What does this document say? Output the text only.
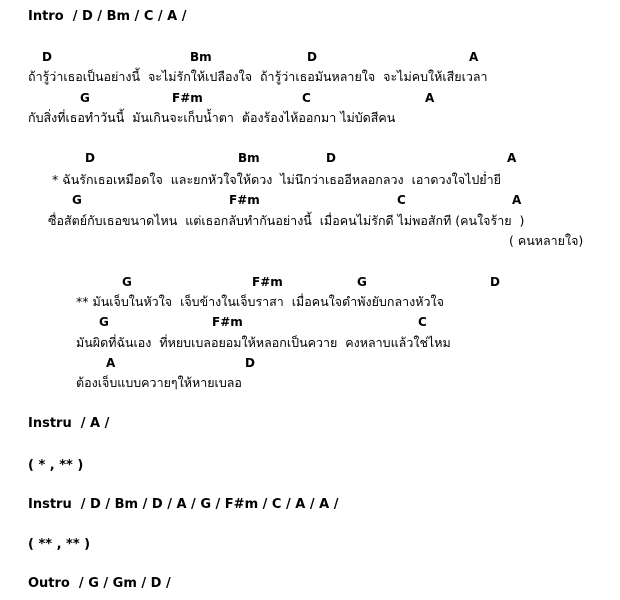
Intro  / D / Bm / C / A /
D	Bm	D	A
ถ้ารู้ว่าเธอเป็นอย่างนี้  จะไม่รักให้เปลืองใจ  ถ้ารู้ว่าเธอมันหลายใจ  จะไม่คบให้เสียเวลา
G	F#m	C	A
กับสิ่งที่เธอทำวันนี้  มันเกินจะเก็บน้ำตา  ต้องร้องไห้ออกมา ไม่บัดสีคน
D	Bm	D	A
* ฉันรักเธอเหมือดใจ  และยกหัวใจให้ดวง  ไม่นึกว่าเธออีหลอกลวง  เอาดวงใจไปย่ำยี
G	F#m	C	A
ซื่อสัตย์กับเธอขนาดไหน  แต่เธอกลับทำกันอย่างนี้  เมื่อคนไม่รักดี ไม่พอสักที (คนใจร้าย  )
( คนหลายใจ)
G	F#m	G	D
** มันเจ็บในหัวใจ  เจ็บข้างในเจ็บราสา  เมื่อคนใจดำพังยับกลางหัวใจ
G	F#m	C
มันผิดที่ฉันเอง  ที่หยบเบลอยอมให้หลอกเป็นควาย  คงหลาบแล้วใช่ไหม
A	D
ต้องเจ็บแบบควายๆให้หายเบลอ
Instru  / A /
( * , ** )
Instru  / D / Bm / D / A / G / F#m / C / A / A /
( ** , ** )
Outro  / G / Gm / D /
